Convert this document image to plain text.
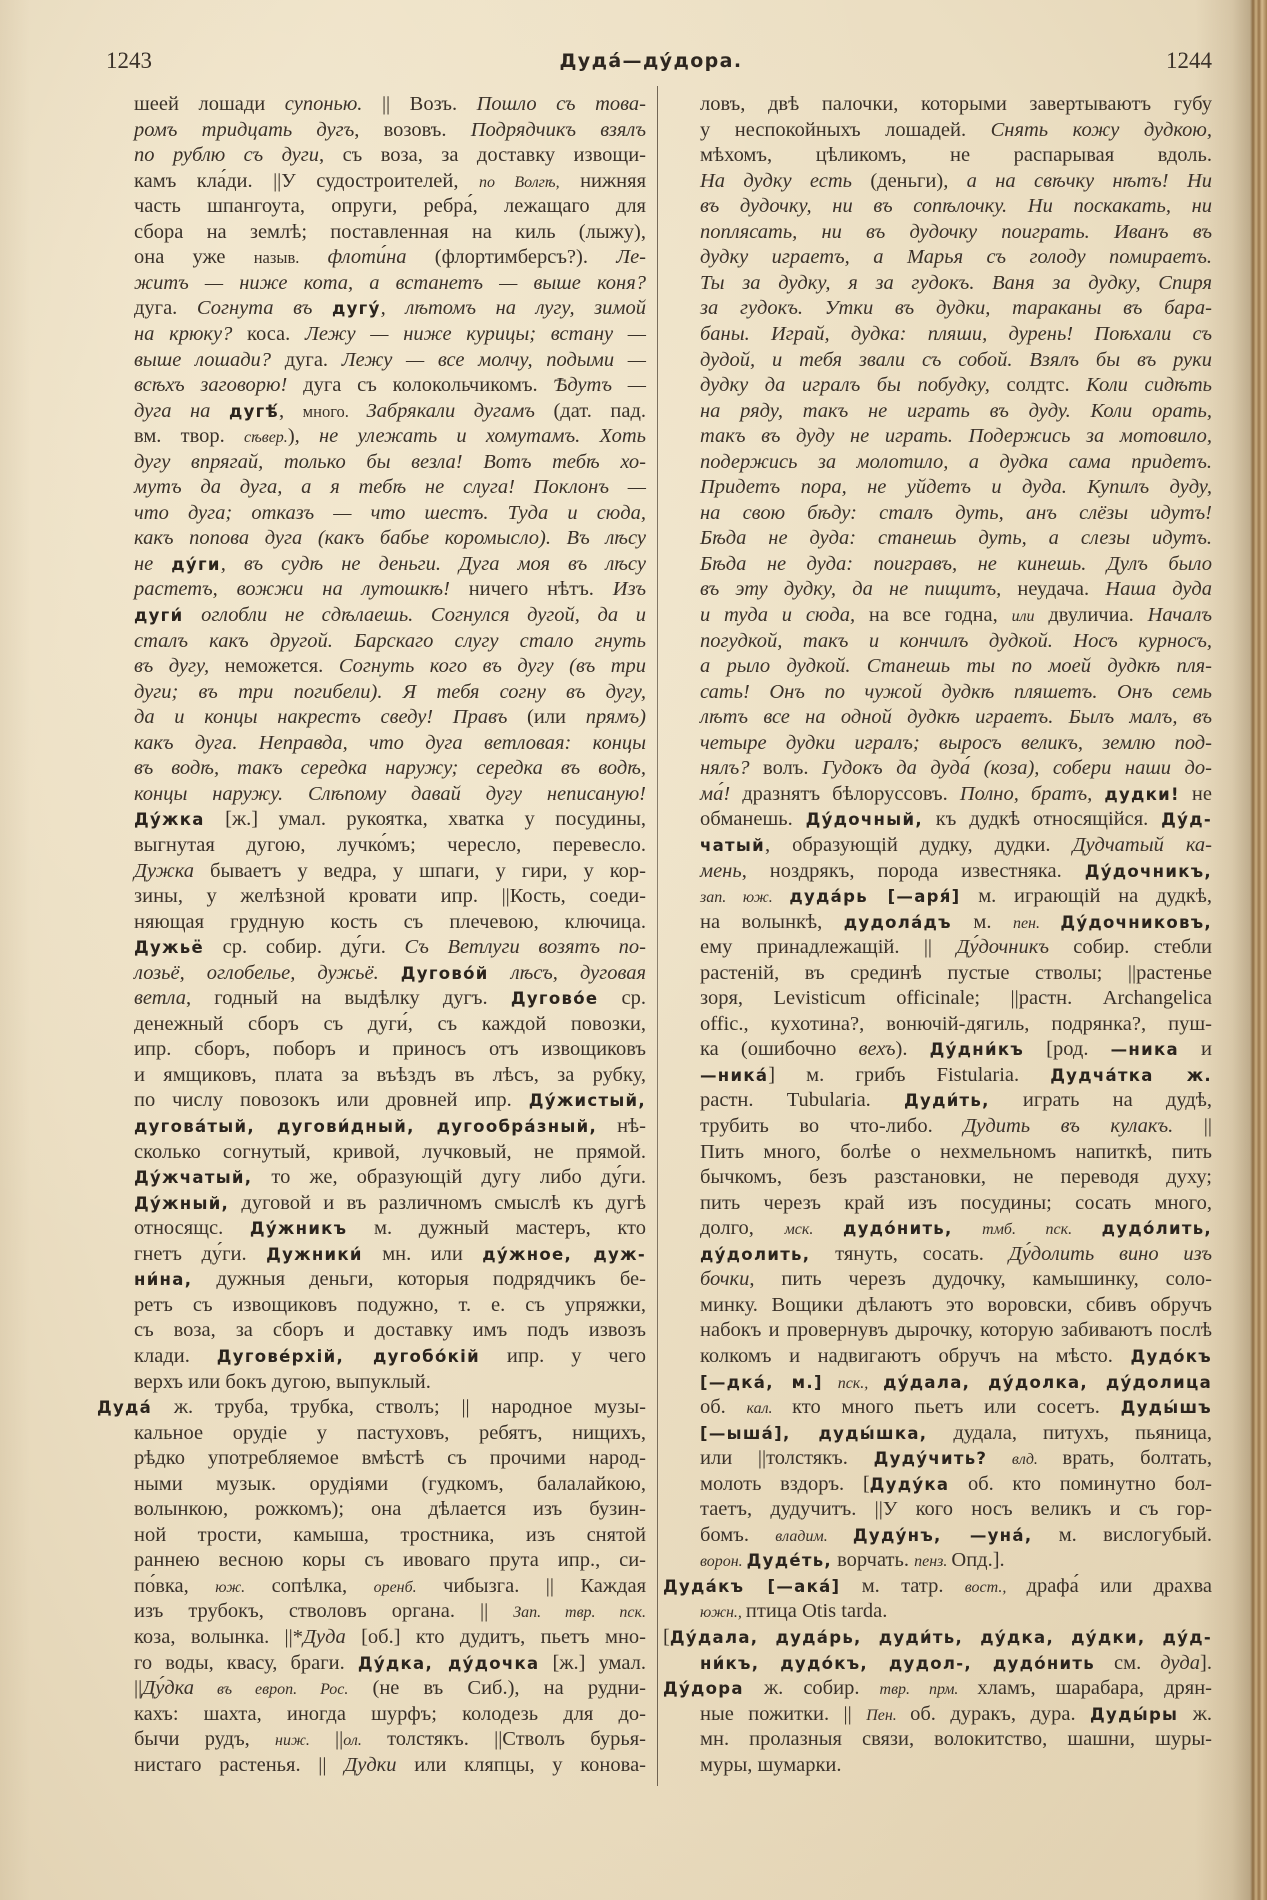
1243	Дуда́—ду́дора.	1244
шеей лошади супонью. || Возъ. Пошло съ това-
ромъ тридцать дугъ, возовъ. Подрядчикъ взялъ
по рублю съ дуги, съ воза, за доставку извощи-
камъ кла́ди. ||У судостроителей, по Волгѣ, нижняя
часть шпангоута, опруги, ребра́, лежащаго для
сбора на землѣ; поставленная на киль (лыжу),
она уже назыв. флоти́на (флортимберсъ?). Ле-
житъ — ниже кота, а встанетъ — выше коня?
дуга. Согнута въ дугу́, лѣтомъ на лугу, зимой
на крюку? коса. Лежу — ниже курицы; встану —
выше лошади? дуга. Лежу — все молчу, подыми —
всѣхъ заговорю! дуга съ колокольчикомъ. Ѣдутъ —
дуга на дугѣ́, много. Забрякали дугамъ (дат. пад.
вм. твор. сѣвер.), не улежать и хомутамъ. Хоть
дугу впрягай, только бы везла! Вотъ тебѣ хо-
мутъ да дуга, а я тебѣ не слуга! Поклонъ —
что дуга; отказъ — что шестъ. Туда и сюда,
какъ попова дуга (какъ бабье коромысло). Въ лѣсу
не ду́ги, въ судѣ не деньги. Дуга моя въ лѣсу
растетъ, вожжи на лутошкѣ! ничего нѣтъ. Изъ
дуги́ оглобли не сдѣлаешь. Согнулся дугой, да и
сталъ какъ другой. Барскаго слугу стало гнуть
въ дугу, неможется. Согнуть кого въ дугу (въ три
дуги; въ три погибели). Я тебя согну въ дугу,
да и концы накрестъ сведу! Правъ (или прямъ)
какъ дуга. Неправда, что дуга ветловая: концы
въ водѣ, такъ середка наружу; середка въ водѣ,
концы наружу. Слѣпому давай дугу неписаную!
Ду́жка [ж.] умал. рукоятка, хватка у посудины,
выгнутая дугою, лучко́мъ; чересло, перевесло.
Дужка бываетъ у ведра, у шпаги, у гири, у кор-
зины, у желѣзной кровати ипр. ||Кость, соеди-
няющая грудную кость съ плечевою, ключица.
Дужьё ср. собир. ду́ги. Съ Ветлуги возятъ по-
лозьё, оглобелье, дужьё. Дугово́й лѣсъ, дуговая
ветла, годный на выдѣлку дугъ. Дугово́е ср.
денежный сборъ съ дуги́, съ каждой повозки,
ипр. сборъ, поборъ и приносъ отъ извощиковъ
и ямщиковъ, плата за въѣздъ въ лѣсъ, за рубку,
по числу повозокъ или дровней ипр. Ду́жистый,
дугова́тый, дугови́дный, дугообра́зный, нѣ-
сколько согнутый, кривой, лучковый, не прямой.
Ду́жчатый, то же, образующій дугу либо ду́ги.
Ду́жный, дуговой и въ различномъ смыслѣ къ дугѣ
относящс. Ду́жникъ м. дужный мастеръ, кто
гнетъ ду́ги. Дужники́ мн. или ду́жное, дуж-
ни́на, дужныя деньги, которыя подрядчикъ бе-
ретъ съ извощиковъ подужно, т. е. съ упряжки,
съ воза, за сборъ и доставку имъ подъ извозъ
клади. Дугове́рхій, дугобо́кій ипр. у чего
верхъ или бокъ дугою, выпуклый.
Дуда́ ж. труба, трубка, стволъ; || народное музы-
кальное орудіе у пастуховъ, ребятъ, нищихъ,
рѣдко употребляемое вмѣстѣ съ прочими народ-
ными музык. орудіями (гудкомъ, балалайкою,
волынкою, рожкомъ); она дѣлается изъ бузин-
ной трости, камыша, тростника, изъ снятой
раннею весною коры съ ивоваго прута ипр., си-
по́вка, юж. сопѣлка, оренб. чибызга. || Каждая
изъ трубокъ, стволовъ органа. || Зап. твр. пск.
коза, волынка. ||*Дуда [об.] кто дудитъ, пьетъ мно-
го воды, квасу, браги. Ду́дка, ду́дочка [ж.] умал.
||Ду́дка въ европ. Рос. (не въ Сиб.), на рудни-
кахъ: шахта, иногда шурфъ; колодезь для до-
бычи рудъ, ниж. ||ол. толстякъ. ||Стволъ бурья-
нистаго растенья. || Дудки или кляпцы, у конова-
ловъ, двѣ палочки, которыми завертываютъ губу
у неспокойныхъ лошадей. Снять кожу дудкою,
мѣхомъ, цѣликомъ, не распарывая вдоль.
На дудку есть (деньги), а на свѣчку нѣтъ! Ни
въ дудочку, ни въ сопѣлочку. Ни поскакать, ни
поплясать, ни въ дудочку поиграть. Иванъ въ
дудку играетъ, а Марья съ голоду помираетъ.
Ты за дудку, я за гудокъ. Ваня за дудку, Спиря
за гудокъ. Утки въ дудки, тараканы въ бара-
баны. Играй, дудка: пляши, дурень! Поѣхали съ
дудой, и тебя звали съ собой. Взялъ бы въ руки
дудку да игралъ бы побудку, солдтс. Коли сидѣть
на ряду, такъ не играть въ дуду. Коли орать,
такъ въ дуду не играть. Подержись за мотовило,
подержись за молотило, а дудка сама придетъ.
Придетъ пора, не уйдетъ и дуда. Купилъ дуду,
на свою бѣду: сталъ дуть, анъ слёзы идутъ!
Бѣда не дуда: станешь дуть, а слезы идутъ.
Бѣда не дуда: поигравъ, не кинешь. Дулъ было
въ эту дудку, да не пищитъ, неудача. Наша дуда
и туда и сюда, на все годна, или двуличиа. Началъ
погудкой, такъ и кончилъ дудкой. Носъ курносъ,
а рыло дудкой. Станешь ты по моей дудкѣ пля-
сать! Онъ по чужой дудкѣ пляшетъ. Онъ семь
лѣтъ все на одной дудкѣ играетъ. Былъ малъ, въ
четыре дудки игралъ; выросъ великъ, землю под-
нялъ? волъ. Гудокъ да дуда́ (коза), собери наши до-
ма́! дразнятъ бѣлоруссовъ. Полно, братъ, дудки! не
обманешь. Ду́дочный, къ дудкѣ относящійся. Ду́д-
чатый, образующій дудку, дудки. Дудчатый ка-
мень, ноздрякъ, порода известняка. Ду́дочникъ,
зап. юж. дуда́рь [—аря́] м. играющій на дудкѣ,
на волынкѣ, дудола́дъ м. пен. Ду́дочниковъ,
ему принадлежащій. || Ду́дочникъ собир. стебли
растеній, въ срединѣ пустые стволы; ||растенье
зоря, Levisticum officinale; ||растн. Archangelica
offic., кухотина?, вонючій-дягиль, подрянка?, пуш-
ка (ошибочно вехъ). Ду́дни́къ [род. —ника и
—ника́] м. грибъ Fistularia. Дудча́тка ж.
растн. Tubularia. Дуди́ть, играть на дудѣ,
трубить во что-либо. Дудить въ кулакъ. ||
Пить много, болѣе о нехмельномъ напиткѣ, пить
бычкомъ, безъ разстановки, не переводя духу;
пить черезъ край изъ посудины; сосать много,
долго, мск. дудо́нить, тмб. пск. дудо́лить,
ду́долить, тянуть, сосать. Ду́долить вино изъ
бочки, пить черезъ дудочку, камышинку, соло-
минку. Вощики дѣлаютъ это воровски, сбивъ обручъ
набокъ и провернувъ дырочку, которую забиваютъ послѣ
колкомъ и надвигаютъ обручъ на мѣсто. Дудо́къ
[—дка́, м.] пск., ду́дала, ду́долка, ду́долица
об. кал. кто много пьетъ или сосетъ. Дуды́шъ
[—ыша́], дуды́шка, дудала, питухъ, пьяница,
или ||толстякъ. Дуду́чить? влд. врать, болтать,
молоть вздоръ. [Дуду́ка об. кто поминутно бол-
таетъ, дудучитъ. ||У кого носъ великъ и съ гор-
бомъ. владим. Дуду́нъ, —уна́, м. вислогубый.
ворон. Дуде́ть, ворчать. пенз. Опд.].
Дуда́къ [—ака́] м. татр. вост., драфа́ или драхва
южн., птица Otis tarda.
[Ду́дала, дуда́рь, дуди́ть, ду́дка, ду́дки, ду́д-
ни́къ, дудо́къ, дудол-, дудо́нить см. дуда].
Ду́дора ж. собир. твр. прм. хламъ, шарабара, дрян-
ные пожитки. || Пен. об. дуракъ, дура. Дуды́ры ж.
мн. пролазныя связи, волокитство, шашни, шуры-
муры, шумарки.
